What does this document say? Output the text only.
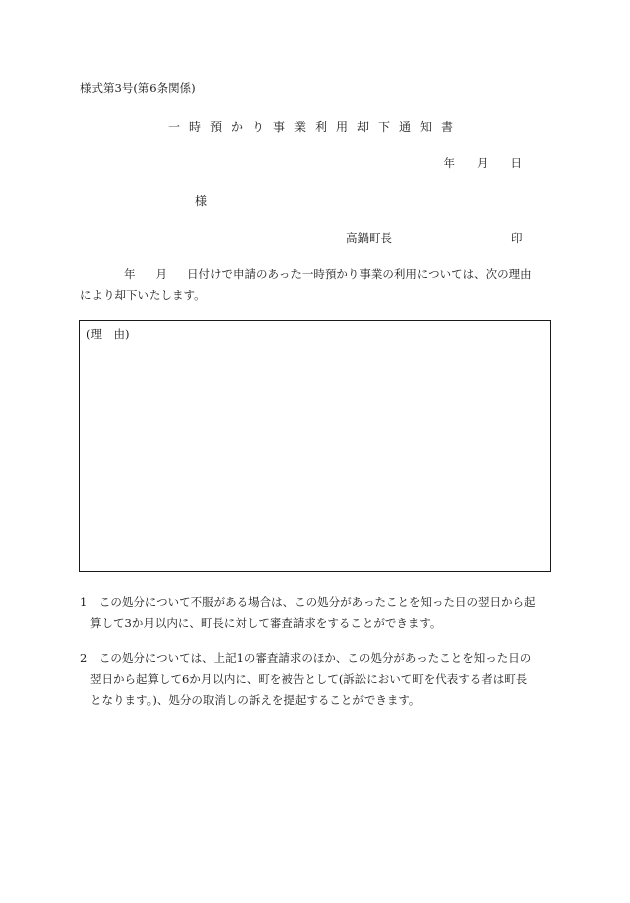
様式第3号(第6条関係)
一時預かり事業利用却下通知書
年 月 日
様
高鍋町長	印
年 月 日付けで申請のあった一時預かり事業の利用については、次の理由
により却下いたします。
(理　由)
1　 この処分について不服がある場合は、この処分があったことを知った日の翌日から起
算して3か月以内に、町長に対して審査請求をすることができます。
2　 この処分については、上記1の審査請求のほか、この処分があったことを知った日の
翌日から起算して6か月以内に、町を被告として(訴訟において町を代表する者は町長
となります。)、処分の取消しの訴えを提起することができます。
